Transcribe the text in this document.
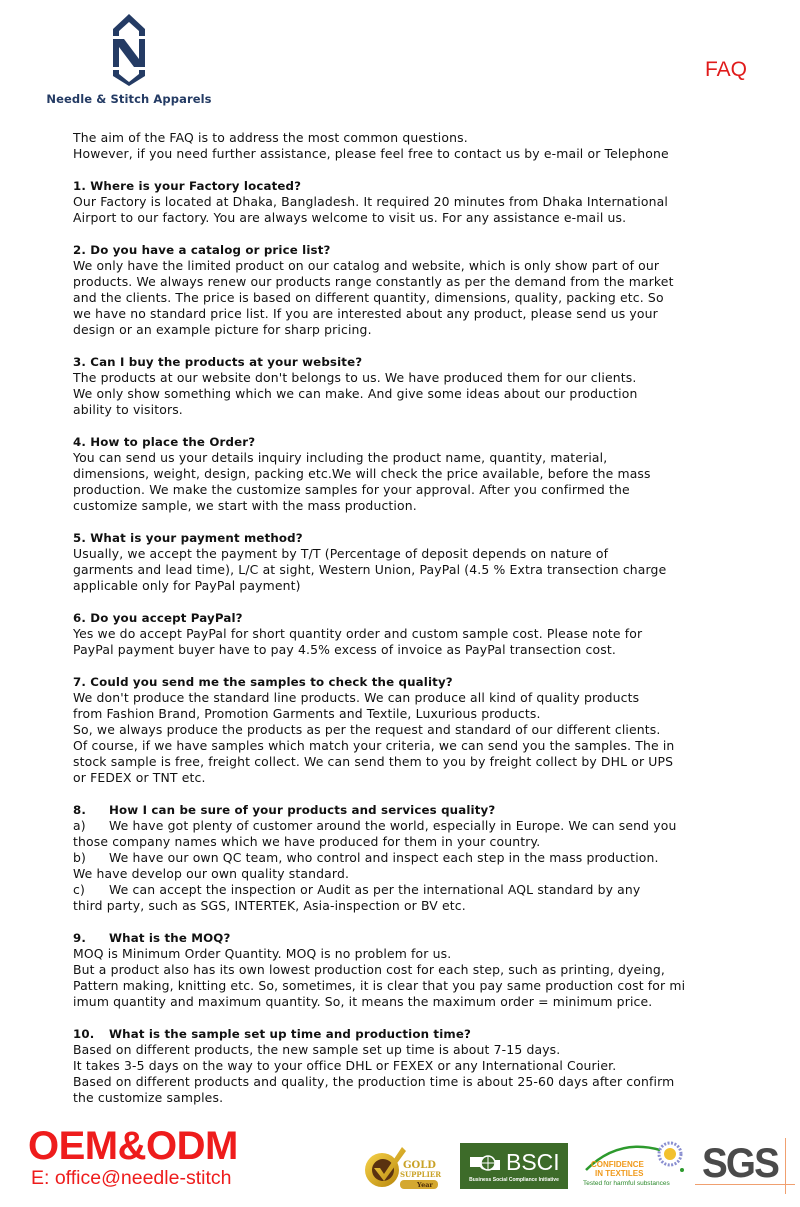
Needle & Stitch Apparels
FAQ
The aim of the FAQ is to address the most common questions.
However, if you need further assistance, please feel free to contact us by e-mail or Telephone
1. Where is your Factory located?
Our Factory is located at Dhaka, Bangladesh. It required 20 minutes from Dhaka International
Airport to our factory. You are always welcome to visit us. For any assistance e-mail us.
2. Do you have a catalog or price list?
We only have the limited product on our catalog and website, which is only show part of our
products. We always renew our products range constantly as per the demand from the market
and the clients. The price is based on different quantity, dimensions, quality, packing etc. So
we have no standard price list. If you are interested about any product, please send us your
design or an example picture for sharp pricing.
3. Can I buy the products at your website?
The products at our website don't belongs to us. We have produced them for our clients.
We only show something which we can make. And give some ideas about our production
ability to visitors.
4. How to place the Order?
You can send us your details inquiry including the product name, quantity, material,
dimensions, weight, design, packing etc.We will check the price available, before the mass
production. We make the customize samples for your approval. After you confirmed the
customize sample, we start with the mass production.
5. What is your payment method?
Usually, we accept the payment by T/T (Percentage of deposit depends on nature of
garments and lead time), L/C at sight, Western Union, PayPal (4.5 % Extra transection charge
applicable only for PayPal payment)
6. Do you accept PayPal?
Yes we do accept PayPal for short quantity order and custom sample cost. Please note for
PayPal payment buyer have to pay 4.5% excess of invoice as PayPal transection cost.
7. Could you send me the samples to check the quality?
We don't produce the standard line products. We can produce all kind of quality products
from Fashion Brand, Promotion Garments and Textile, Luxurious products.
So, we always produce the products as per the request and standard of our different clients.
Of course, if we have samples which match your criteria, we can send you the samples. The in
stock sample is free, freight collect. We can send them to you by freight collect by DHL or UPS
or FEDEX or TNT etc.
8. How I can be sure of your products and services quality?
a) We have got plenty of customer around the world, especially in Europe. We can send you
those company names which we have produced for them in your country.
b) We have our own QC team, who control and inspect each step in the mass production.
We have develop our own quality standard.
c) We can accept the inspection or Audit as per the international AQL standard by any
third party, such as SGS, INTERTEK, Asia-inspection or BV etc.
9. What is the MOQ?
MOQ is Minimum Order Quantity. MOQ is no problem for us.
But a product also has its own lowest production cost for each step, such as printing, dyeing,
Pattern making, knitting etc. So, sometimes, it is clear that you pay same production cost for mi
imum quantity and maximum quantity. So, it means the maximum order = minimum price.
10. What is the sample set up time and production time?
Based on different products, the new sample set up time is about 7-15 days.
It takes 3-5 days on the way to your office DHL or FEXEX or any International Courier.
Based on different products and quality, the production time is about 25-60 days after confirm
the customize samples.
OEM&ODM
E: office@needle-stitch
GOLD
SUPPLIER
Year
BSCI
Business Social Compliance Initiative
CONFIDENCE
IN TEXTILES
Tested for harmful substances SGS
